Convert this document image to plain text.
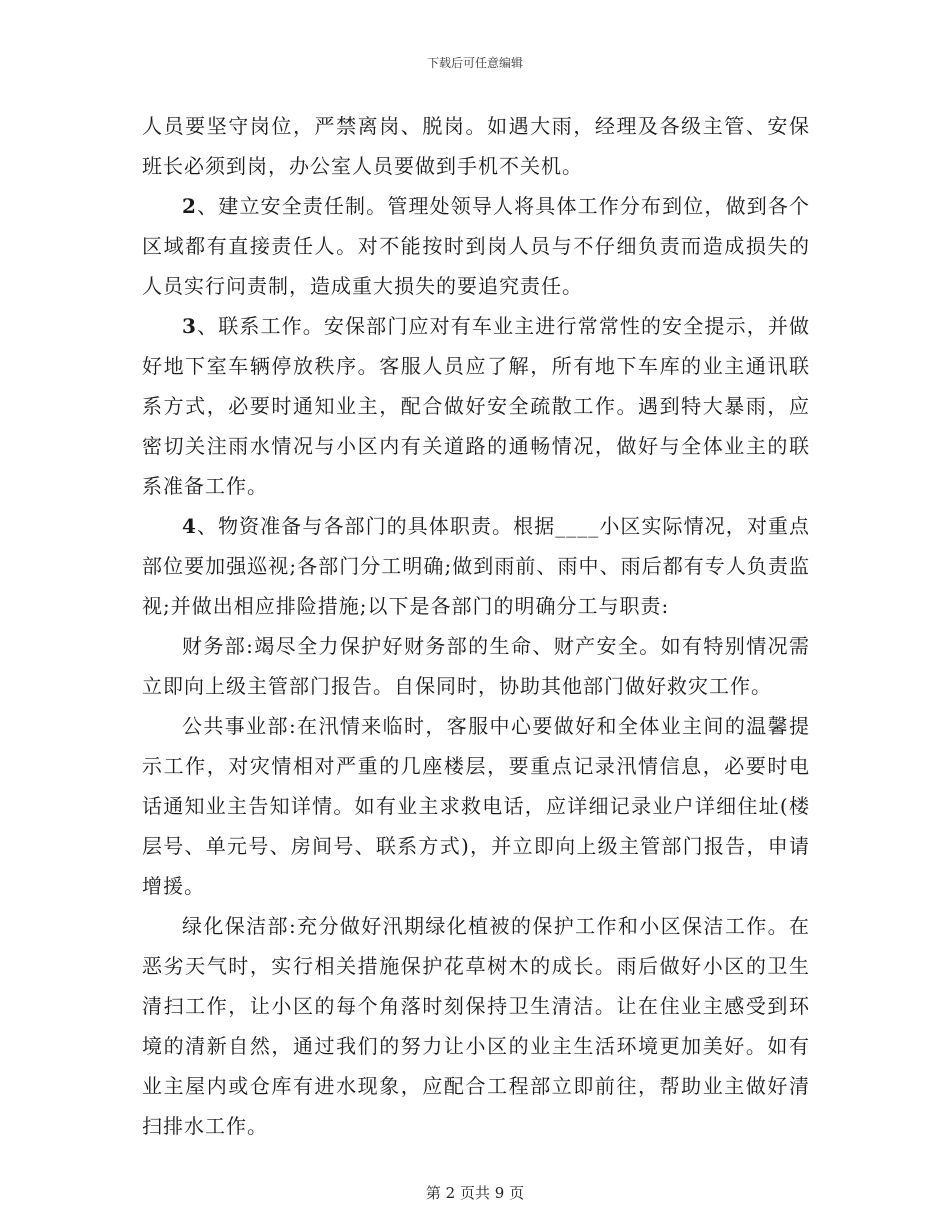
下载后可任意编辑

人员要坚守岗位，严禁离岗、脱岗。如遇大雨，经理及各级主管、安保班长必须到岗，办公室人员要做到手机不关机。

2、建立安全责任制。管理处领导人将具体工作分布到位，做到各个区域都有直接责任人。对不能按时到岗人员与不仔细负责而造成损失的人员实行问责制，造成重大损失的要追究责任。

3、联系工作。安保部门应对有车业主进行常常性的安全提示，并做好地下室车辆停放秩序。客服人员应了解，所有地下车库的业主通讯联系方式，必要时通知业主，配合做好安全疏散工作。遇到特大暴雨，应密切关注雨水情况与小区内有关道路的通畅情况，做好与全体业主的联系准备工作。

4、物资准备与各部门的具体职责。根据____小区实际情况，对重点部位要加强巡视;各部门分工明确;做到雨前、雨中、雨后都有专人负责监视;并做出相应排险措施;以下是各部门的明确分工与职责:

财务部:竭尽全力保护好财务部的生命、财产安全。如有特别情况需立即向上级主管部门报告。自保同时，协助其他部门做好救灾工作。

公共事业部:在汛情来临时，客服中心要做好和全体业主间的温馨提示工作，对灾情相对严重的几座楼层，要重点记录汛情信息，必要时电话通知业主告知详情。如有业主求救电话，应详细记录业户详细住址(楼层号、单元号、房间号、联系方式)，并立即向上级主管部门报告，申请增援。

绿化保洁部:充分做好汛期绿化植被的保护工作和小区保洁工作。在恶劣天气时，实行相关措施保护花草树木的成长。雨后做好小区的卫生清扫工作，让小区的每个角落时刻保持卫生清洁。让在住业主感受到环境的清新自然，通过我们的努力让小区的业主生活环境更加美好。如有业主屋内或仓库有进水现象，应配合工程部立即前往，帮助业主做好清扫排水工作。

第 2 页共 9 页
